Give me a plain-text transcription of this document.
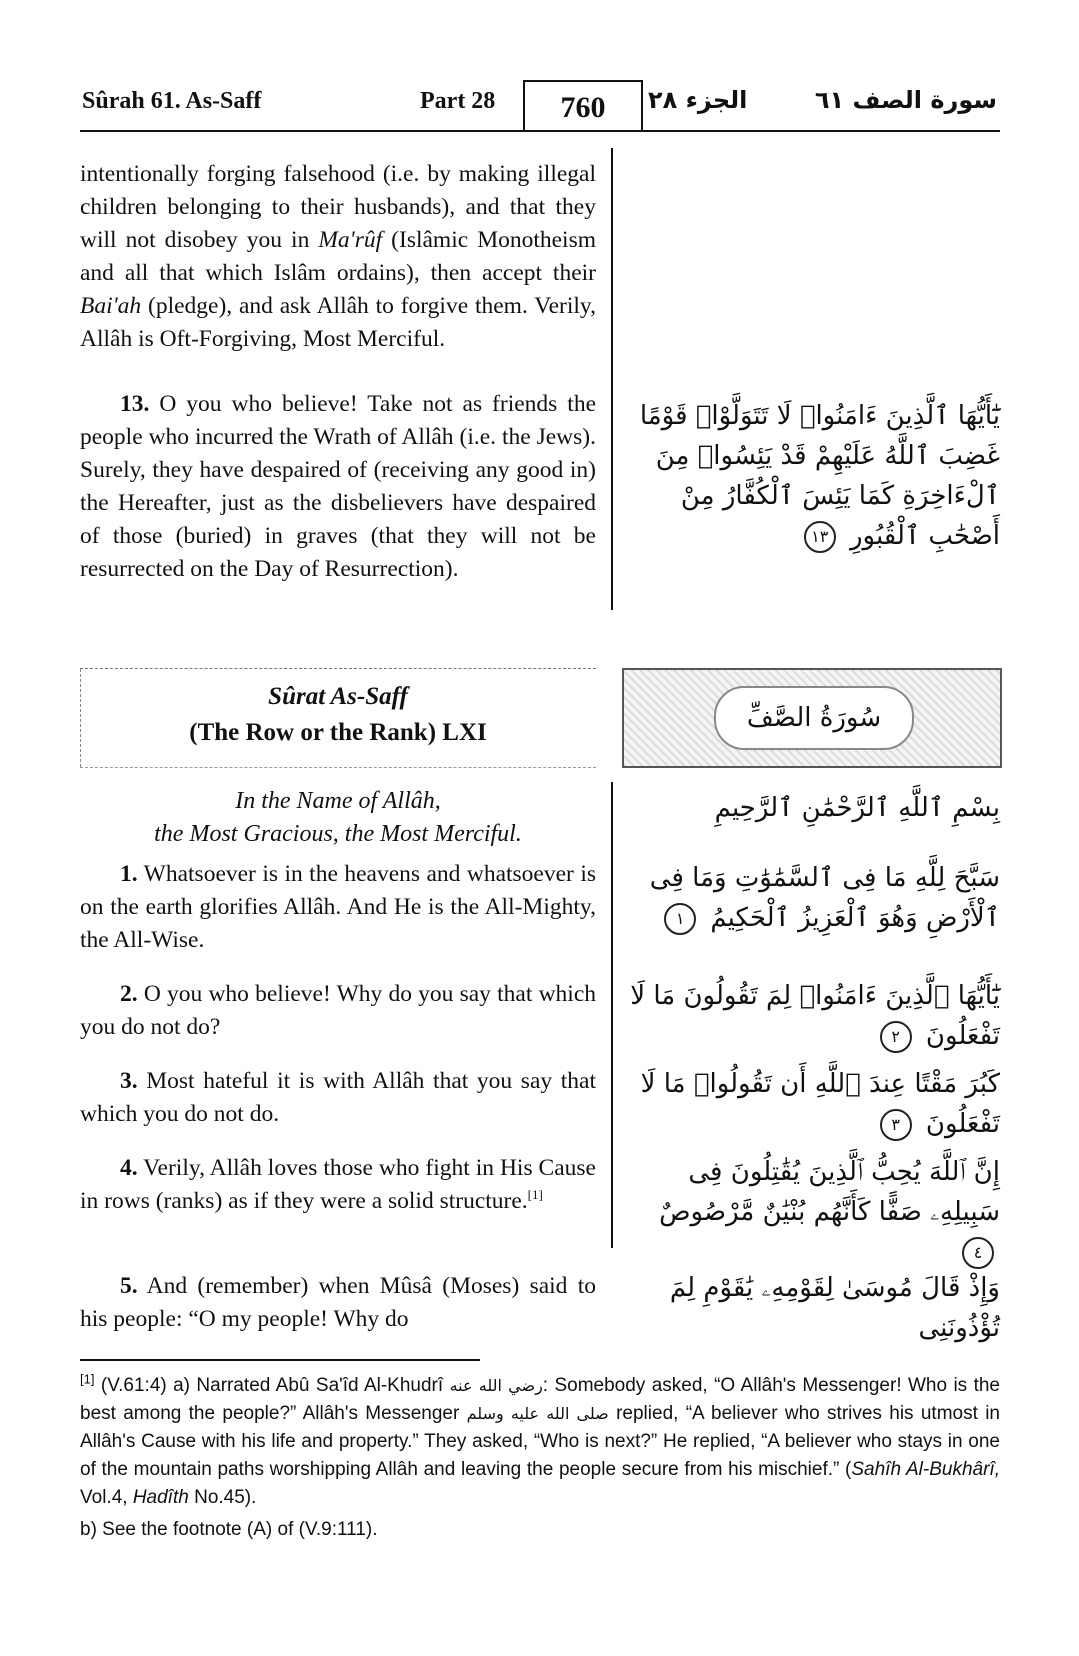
Sûrah 61. As-Saff	Part 28	760	الجزء ٢٨	سورة الصف ٦١

intentionally forging falsehood (i.e. by making illegal children belonging to their husbands), and that they will not disobey you in Ma'rûf (Islâmic Monotheism and all that which Islâm ordains), then accept their Bai'ah (pledge), and ask Allâh to forgive them. Verily, Allâh is Oft-Forgiving, Most Merciful.

13. O you who believe! Take not as friends the people who incurred the Wrath of Allâh (i.e. the Jews). Surely, they have despaired of (receiving any good in) the Hereafter, just as the disbelievers have despaired of those (buried) in graves (that they will not be resurrected on the Day of Resurrection).

يَٰٓأَيُّهَا ٱلَّذِينَ ءَامَنُوا۟ لَا تَتَوَلَّوْا۟ قَوْمًا غَضِبَ ٱللَّهُ عَلَيْهِمْ قَدْ يَئِسُوا۟ مِنَ ٱلْءَاخِرَةِ كَمَا يَئِسَ ٱلْكُفَّارُ مِنْ أَصْحَٰبِ ٱلْقُبُورِ ١٣

Sûrat As-Saff
(The Row or the Rank) LXI	سُورَةُ الصَّفِّ
In the Name of Allâh,
the Most Gracious, the Most Merciful.

بِسْمِ ٱللَّهِ ٱلرَّحْمَٰنِ ٱلرَّحِيمِ

1. Whatsoever is in the heavens and whatsoever is on the earth glorifies Allâh. And He is the All-Mighty, the All-Wise.

2. O you who believe! Why do you say that which you do not do?

3. Most hateful it is with Allâh that you say that which you do not do.

4. Verily, Allâh loves those who fight in His Cause in rows (ranks) as if they were a solid structure.[1]

5. And (remember) when Mûsâ (Moses) said to his people: “O my people! Why do

سَبَّحَ لِلَّهِ مَا فِى ٱلسَّمَٰوَٰتِ وَمَا فِى ٱلْأَرْضِ وَهُوَ ٱلْعَزِيزُ ٱلْحَكِيمُ ١

يَٰٓأَيُّهَا ٱلَّذِينَ ءَامَنُوا۟ لِمَ تَقُولُونَ مَا لَا تَفْعَلُونَ ٢

كَبُرَ مَقْتًا عِندَ ٱللَّهِ أَن تَقُولُوا۟ مَا لَا تَفْعَلُونَ ٣

إِنَّ ٱللَّهَ يُحِبُّ ٱلَّذِينَ يُقَٰتِلُونَ فِى سَبِيلِهِۦ صَفًّا كَأَنَّهُم بُنْيَٰنٌ مَّرْصُوصٌ ٤

وَإِذْ قَالَ مُوسَىٰ لِقَوْمِهِۦ يَٰقَوْمِ لِمَ تُؤْذُونَنِى

[1] (V.61:4) a) Narrated Abû Sa'îd Al-Khudrî رضي الله عنه: Somebody asked, “O Allâh's Messenger! Who is the best among the people?” Allâh's Messenger صلى الله عليه وسلم replied, “A believer who strives his utmost in Allâh's Cause with his life and property.” They asked, “Who is next?” He replied, “A believer who stays in one of the mountain paths worshipping Allâh and leaving the people secure from his mischief.” (Sahîh Al-Bukhârî, Vol.4, Hadîth No.45).

b) See the footnote (A) of (V.9:111).
